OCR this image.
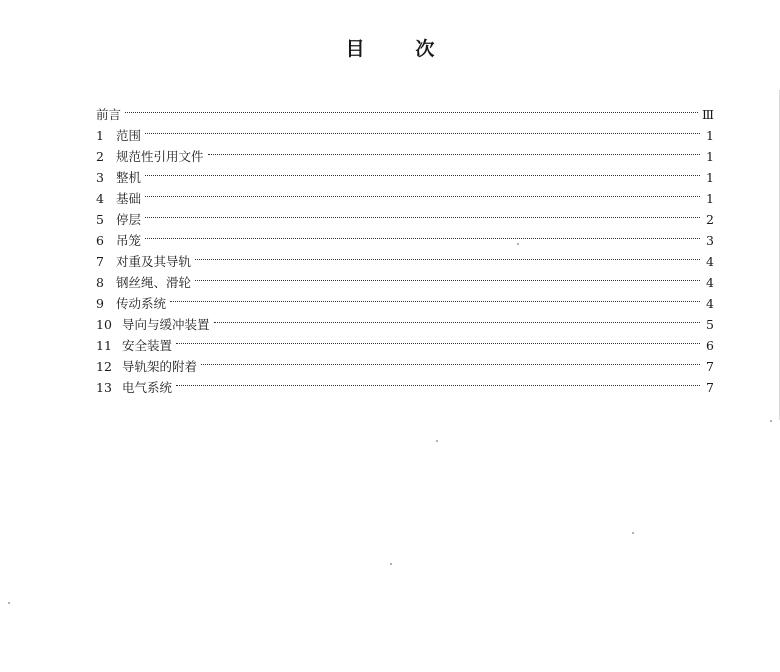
目	次
前言	Ⅲ
1 范围	1
2 规范性引用文件	1
3 整机	1
4 基础	1
5 停层	2
6 吊笼	3
7 对重及其导轨	4
8 钢丝绳、滑轮	4
9 传动系统	4
10 导向与缓冲装置	5
11 安全装置	6
12 导轨架的附着	7
13 电气系统	7
